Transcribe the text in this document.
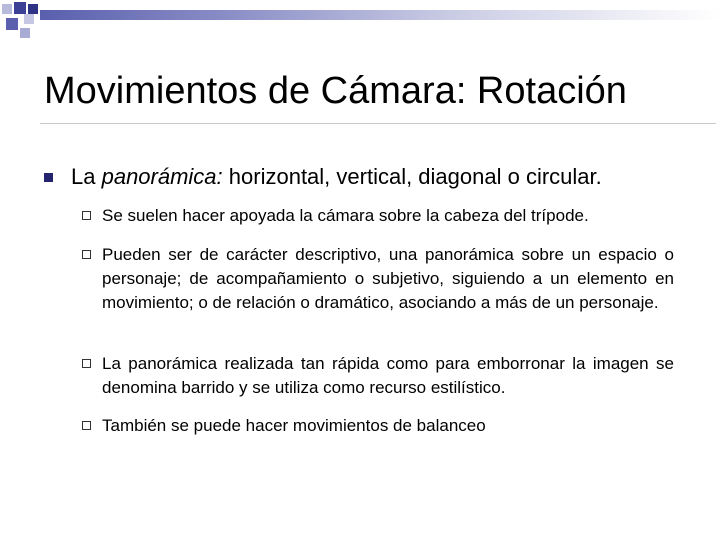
Movimientos de Cámara: Rotación
La panorámica: horizontal, vertical, diagonal o circular.
Se suelen hacer apoyada la cámara sobre la cabeza del trípode.
Pueden ser de carácter descriptivo, una panorámica sobre un espacio o personaje; de acompañamiento o subjetivo, siguiendo a un elemento en movimiento; o de relación o dramático, asociando a más de un personaje.
La panorámica realizada tan rápida como para emborronar la imagen se denomina barrido y se utiliza como recurso estilístico.
También se puede hacer movimientos de balanceo
